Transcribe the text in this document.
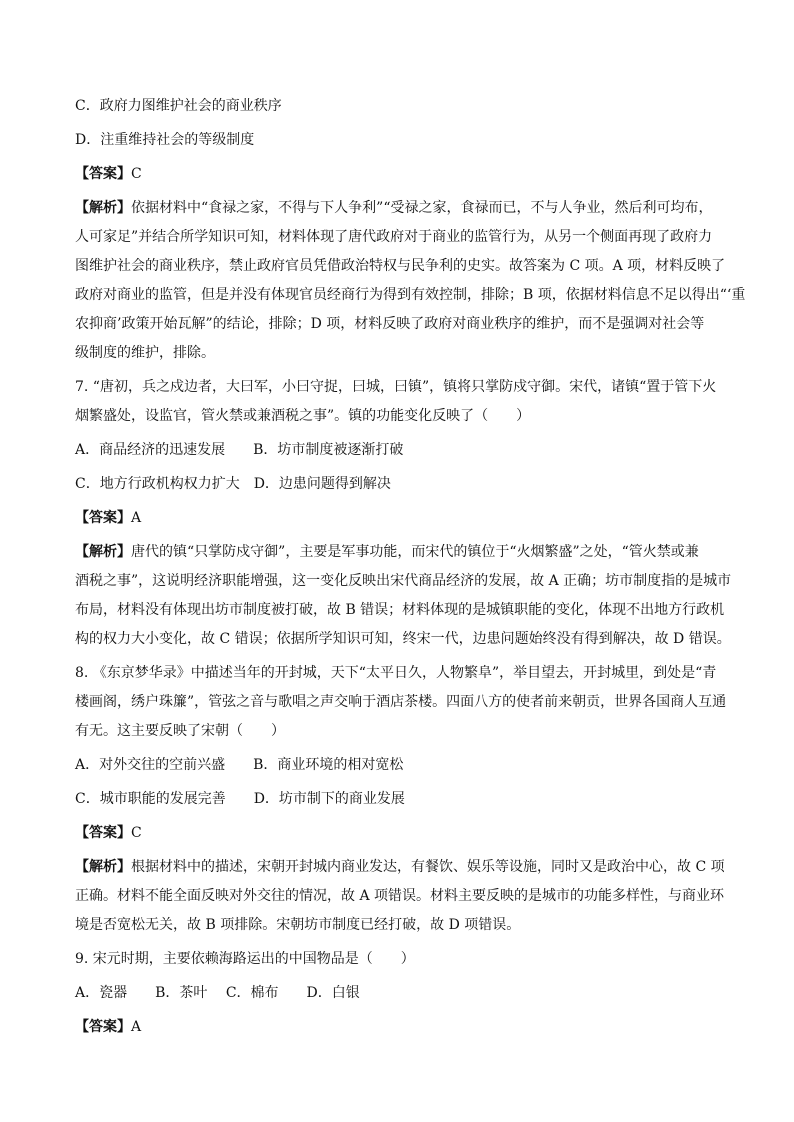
C．政府力图维护社会的商业秩序

D．注重维持社会的等级制度

【答案】C

【解析】依据材料中“食禄之家，不得与下人争利”“受禄之家，食禄而已，不与人争业，然后利可均布，

人可家足”并结合所学知识可知，材料体现了唐代政府对于商业的监管行为，从另一个侧面再现了政府力

图维护社会的商业秩序，禁止政府官员凭借政治特权与民争利的史实。故答案为 C 项。A 项，材料反映了

政府对商业的监管，但是并没有体现官员经商行为得到有效控制，排除；B 项，依据材料信息不足以得出“‘重

农抑商’政策开始瓦解”的结论，排除；D 项，材料反映了政府对商业秩序的维护，而不是强调对社会等

级制度的维护，排除。

7. “唐初，兵之戍边者，大曰军，小曰守捉，曰城，曰镇”，镇将只掌防戍守御。宋代，诸镇“置于管下火

烟繁盛处，设监官，管火禁或兼酒税之事”。镇的功能变化反映了（　　）

A．商品经济的迅速发展　　B．坊市制度被逐渐打破

C．地方行政机构权力扩大　D．边患问题得到解决

【答案】A

【解析】唐代的镇“只掌防戍守御”，主要是军事功能，而宋代的镇位于“火烟繁盛”之处，“管火禁或兼

酒税之事”，这说明经济职能增强，这一变化反映出宋代商品经济的发展，故 A 正确；坊市制度指的是城市

布局，材料没有体现出坊市制度被打破，故 B 错误；材料体现的是城镇职能的变化，体现不出地方行政机

构的权力大小变化，故 C 错误；依据所学知识可知，终宋一代，边患问题始终没有得到解决，故 D 错误。

8. 《东京梦华录》中描述当年的开封城，天下“太平日久，人物繁阜”，举目望去，开封城里，到处是“青

楼画阁，绣户珠簾”，管弦之音与歌唱之声交响于酒店茶楼。四面八方的使者前来朝贡，世界各国商人互通

有无。这主要反映了宋朝（　　）

A．对外交往的空前兴盛　　B．商业环境的相对宽松

C．城市职能的发展完善　　D．坊市制下的商业发展

【答案】C

【解析】根据材料中的描述，宋朝开封城内商业发达，有餐饮、娱乐等设施，同时又是政治中心，故 C 项

正确。材料不能全面反映对外交往的情况，故 A 项错误。材料主要反映的是城市的功能多样性，与商业环

境是否宽松无关，故 B 项排除。宋朝坊市制度已经打破，故 D 项错误。

9. 宋元时期，主要依赖海路运出的中国物品是（　　）

A．瓷器　　B．茶叶　 C．棉布　　D．白银

【答案】A
